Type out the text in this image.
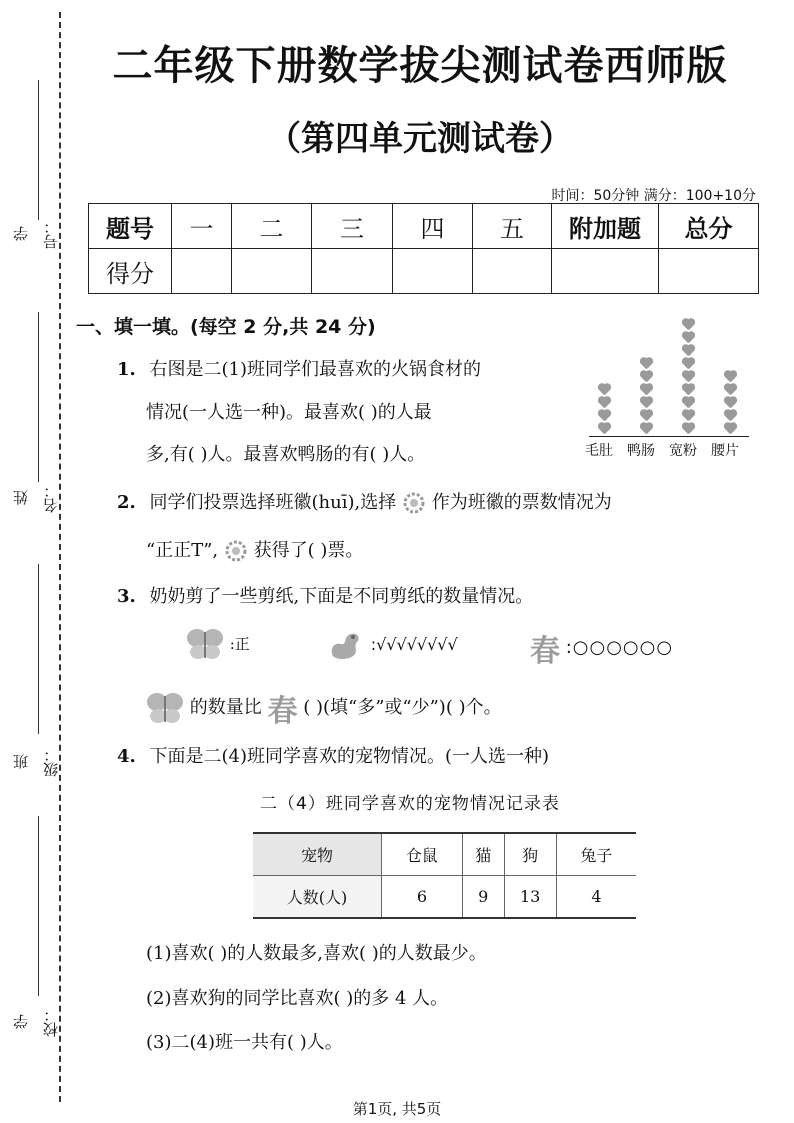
学号：
姓名：
班级：
学校：
二年级下册数学拔尖测试卷西师版
（第四单元测试卷）
时间：50分钟 满分：100+10分
题号	一	二	三	四	五	附加题	总分
得分							
一、填一填。(每空 2 分,共 24 分)
1. 右图是二(1)班同学们最喜欢的火锅食材的
情况(一人选一种)。最喜欢( )的人最
多,有( )人。最喜欢鸭肠的有( )人。	毛肚 鸭肠 宽粉 腰片
2. 同学们投票选择班徽(huī),选择 作为班徽的票数情况为
“正正T”, 获得了( )票。
3. 奶奶剪了一些剪纸,下面是不同剪纸的数量情况。
:正	:√√√√√√√√ 春 :○○○○○○
的数量比 春 ( )(填“多”或“少”)( )个。
4. 下面是二(4)班同学喜欢的宠物情况。(一人选一种)
二（4）班同学喜欢的宠物情况记录表
宠物	仓鼠	猫	狗	兔子
人数(人)	6	9	13	4
(1)喜欢( )的人数最多,喜欢( )的人数最少。
(2)喜欢狗的同学比喜欢( )的多 4 人。
(3)二(4)班一共有( )人。
第1页, 共5页
